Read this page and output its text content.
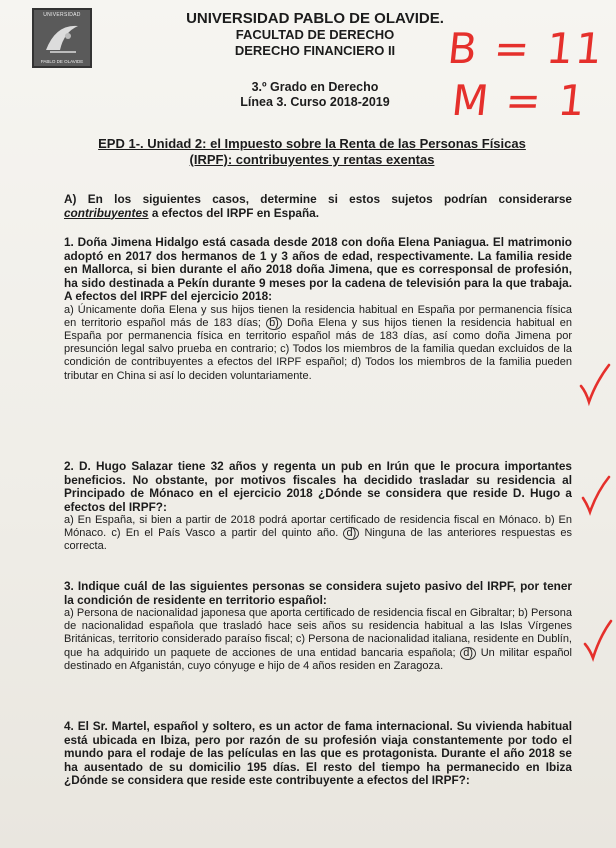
UNIVERSIDAD
PABLO DE OLAVIDE
UNIVERSIDAD PABLO DE OLAVIDE.
FACULTAD DE DERECHO
DERECHO FINANCIERO II
3.º Grado en Derecho
Línea 3. Curso 2018-2019
B = 11
M = 1
EPD 1-. Unidad 2: el Impuesto sobre la Renta de las Personas Físicas
(IRPF): contribuyentes y rentas exentas
A) En los siguientes casos, determine si estos sujetos podrían considerarse contribuyentes a efectos del IRPF en España.
1. Doña Jimena Hidalgo está casada desde 2018 con doña Elena Paniagua. El matrimonio adoptó en 2017 dos hermanos de 1 y 3 años de edad, respectivamente. La familia reside en Mallorca, si bien durante el año 2018 doña Jimena, que es corresponsal de profesión, ha sido destinada a Pekín durante 9 meses por la cadena de televisión para la que trabaja. A efectos del IRPF del ejercicio 2018:
a) Únicamente doña Elena y sus hijos tienen la residencia habitual en España por permanencia física en territorio español más de 183 días; b) Doña Elena y sus hijos tienen la residencia habitual en España por permanencia física en territorio español más de 183 días, así como doña Jimena por presunción legal salvo prueba en contrario; c) Todos los miembros de la familia quedan excluidos de la condición de contribuyentes a efectos del IRPF español; d) Todos los miembros de la familia pueden tributar en China si así lo deciden voluntariamente.
2. D. Hugo Salazar tiene 32 años y regenta un pub en Irún que le procura importantes beneficios. No obstante, por motivos fiscales ha decidido trasladar su residencia al Principado de Mónaco en el ejercicio 2018 ¿Dónde se considera que reside D. Hugo a efectos del IRPF?:
a) En España, si bien a partir de 2018 podrá aportar certificado de residencia fiscal en Mónaco. b) En Mónaco. c) En el País Vasco a partir del quinto año. d) Ninguna de las anteriores respuestas es correcta.
3. Indique cuál de las siguientes personas se considera sujeto pasivo del IRPF, por tener la condición de residente en territorio español:
a) Persona de nacionalidad japonesa que aporta certificado de residencia fiscal en Gibraltar; b) Persona de nacionalidad española que trasladó hace seis años su residencia habitual a las Islas Vírgenes Británicas, territorio considerado paraíso fiscal; c) Persona de nacionalidad italiana, residente en Dublín, que ha adquirido un paquete de acciones de una entidad bancaria española; d) Un militar español destinado en Afganistán, cuyo cónyuge e hijo de 4 años residen en Zaragoza.
4. El Sr. Martel, español y soltero, es un actor de fama internacional. Su vivienda habitual está ubicada en Ibiza, pero por razón de su profesión viaja constantemente por todo el mundo para el rodaje de las películas en las que es protagonista. Durante el año 2018 se ha ausentado de su domicilio 195 días. El resto del tiempo ha permanecido en Ibiza ¿Dónde se considera que reside este contribuyente a efectos del IRPF?:
